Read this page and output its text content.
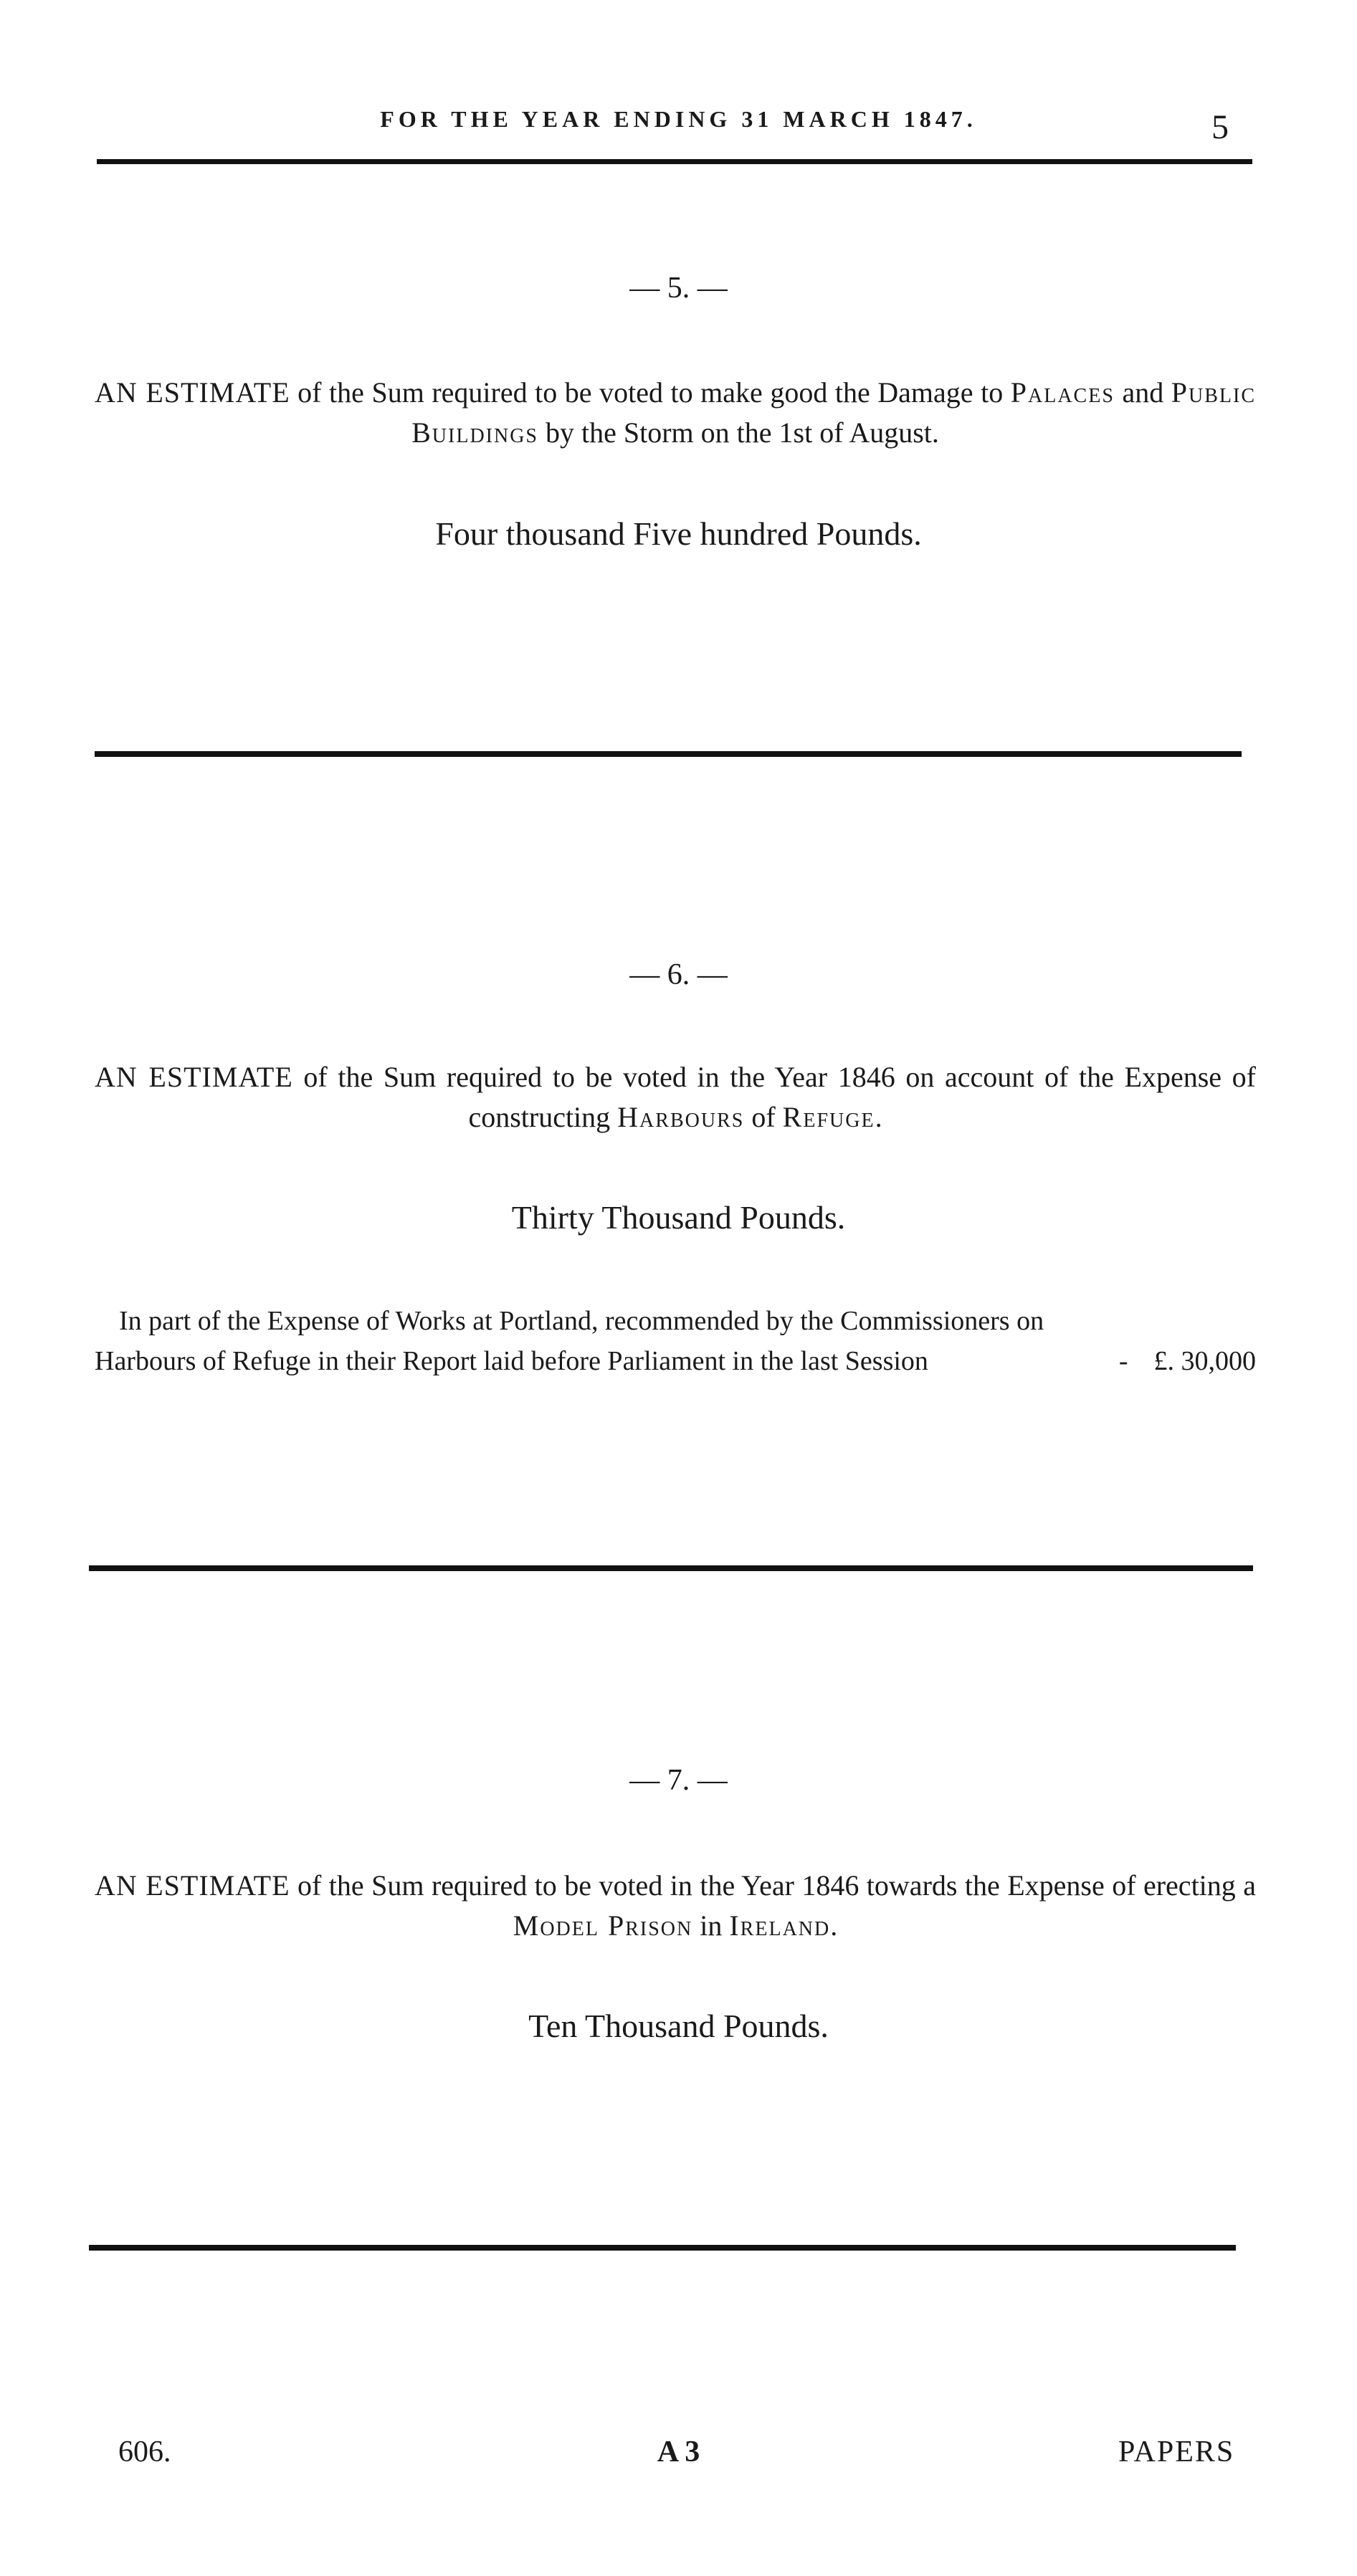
FOR THE YEAR ENDING 31 MARCH 1847.	5
— 5. —
AN ESTIMATE of the Sum required to be voted to make good the Damage to Palaces and Public Buildings by the Storm on the 1st of August.
Four thousand Five hundred Pounds.
— 6. —
AN ESTIMATE of the Sum required to be voted in the Year 1846 on account of the Expense of constructing Harbours of Refuge.
Thirty Thousand Pounds.
In part of the Expense of Works at Portland, recommended by the Commissioners on
Harbours of Refuge in their Report laid before Parliament in the last Session	- £. 30,000
— 7. —
AN ESTIMATE of the Sum required to be voted in the Year 1846 towards the Expense of erecting a Model Prison in Ireland.
Ten Thousand Pounds.
606.	A 3	PAPERS
